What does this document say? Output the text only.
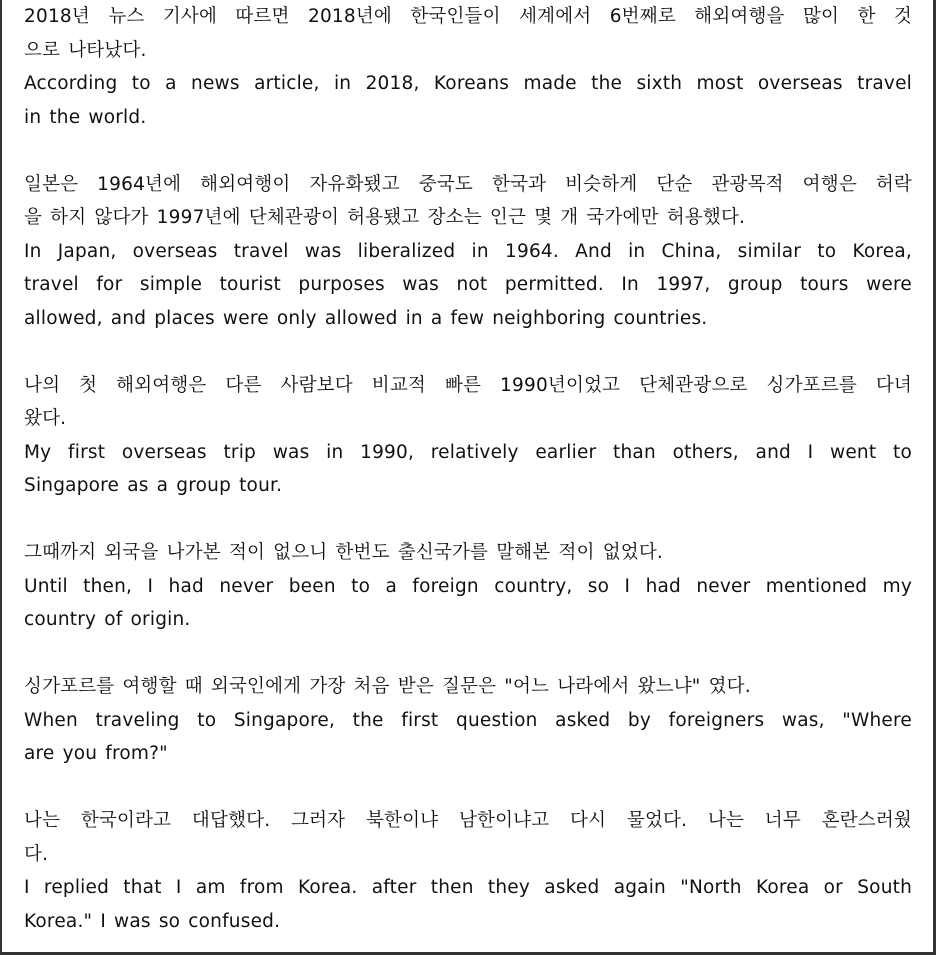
2018년 뉴스 기사에 따르면 2018년에 한국인들이 세계에서 6번째로 해외여행을 많이 한 것
으로 나타났다.
According to a news article, in 2018, Koreans made the sixth most overseas travel
in the world.
일본은 1964년에 해외여행이 자유화됐고 중국도 한국과 비슷하게 단순 관광목적 여행은 허락
을 하지 않다가 1997년에 단체관광이 허용됐고 장소는 인근 몇 개 국가에만 허용했다.
In Japan, overseas travel was liberalized in 1964. And in China, similar to Korea,
travel for simple tourist purposes was not permitted. In 1997, group tours were
allowed, and places were only allowed in a few neighboring countries.
나의 첫 해외여행은 다른 사람보다 비교적 빠른 1990년이었고 단체관광으로 싱가포르를 다녀
왔다.
My first overseas trip was in 1990, relatively earlier than others, and I went to
Singapore as a group tour.
그때까지 외국을 나가본 적이 없으니 한번도 출신국가를 말해본 적이 없었다.
Until then, I had never been to a foreign country, so I had never mentioned my
country of origin.
싱가포르를 여행할 때 외국인에게 가장 처음 받은 질문은 "어느 나라에서 왔느냐" 였다.
When traveling to Singapore, the first question asked by foreigners was, "Where
are you from?"
나는 한국이라고 대답했다. 그러자 북한이냐 남한이냐고 다시 물었다. 나는 너무 혼란스러웠
다.
I replied that I am from Korea. after then they asked again "North Korea or South
Korea." I was so confused.
